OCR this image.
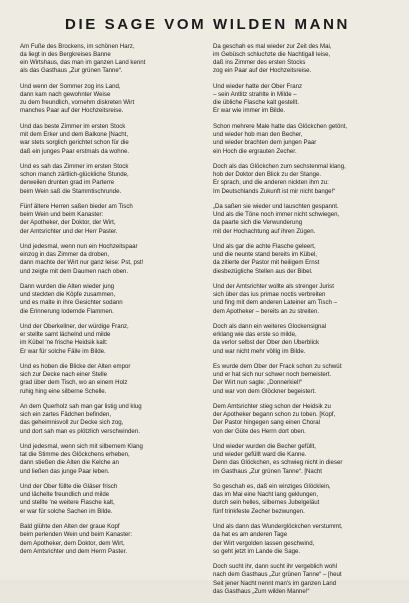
DIE SAGE VOM WILDEN MANN
Am Fuße des Brockens, im schönen Harz,
da liegt in des Bergkreises Banne
ein Wirtshaus, das man im ganzen Land kennt
als das Gasthaus „Zur grünen Tanne“.
Und wenn der Sommer zog ins Land,
dann kam nach gewohnter Weise
zu dem freundlich, vornehm diskreten Wirt
manches Paar auf der Hochzeitsreise.
Und das beste Zimmer im ersten Stock
mit dem Erker und dem Balkone [Nacht,
war stets sorglich gerichtet schon für die
daß ein junges Paar erstmals da wohne.
Und es sah das Zimmer im ersten Stock
schon manch zärtlich-glückliche Stunde,
derweilen drunten grad im Parterre
beim Wein saß die Stammtischrunde.
Fünf ältere Herren saßen bieder am Tisch
beim Wein und beim Kanaster:
der Apotheker, der Doktor, der Wirt,
der Amtsrichter und der Herr Paster.
Und jedesmal, wenn nun ein Hochzeitspaar
einzog in das Zimmer da droben,
dann machte der Wirt nur ganz leise: Pst, pst!
und zeigte mit dem Daumen nach oben.
Dann wurden die Alten wieder jung
und steckten die Köpfe zusammen,
und es malte in ihre Gesichter sodann
die Erinnerung lodernde Flammen.
Und der Oberkellner, der würdige Franz,
er stellte samt lächelnd und milde
im Kübel 'ne frische Heidsik kalt:
Er war für solche Fälle im Bilde.
Und es hoben die Blicke der Alten empor
sich zur Decke nach einer Stelle
grad über dem Tisch, wo an einem Holz
ruhig hing eine silberne Schelle.
An dem Querholz sah man gar listig und klug
sich ein zartes Fädchen befinden,
das geheimnisvoll zur Decke sich zog,
und dort sah man es plötzlich verschwinden.
Und jedesmal, wenn sich mit silbernem Klang
tat die Stimme des Glöckchens erheben,
dann stießen die Alten die Kelche an
und ließen das junge Paar leben.
Und der Ober füllte die Gläser frisch
und lächelte freundlich und milde
und stellte 'ne weitere Flasche kalt,
er war für solche Sachen im Bilde.
Bald glühte den Alten der graue Kopf
beim perlenden Wein und beim Kanaster:
dem Apotheker, dem Doktor, dem Wirt,
dem Amtsrichter und dem Herrn Paster.
Da geschah es mal wieder zur Zeit des Mai,
im Gebüsch schluchzte die Nachtigall leise,
daß ins Zimmer des ersten Stocks
zog ein Paar auf der Hochzeitsreise.
Und wieder hatte der Ober Franz
– sein Antlitz strahlte in Milde –
die übliche Flasche kalt gestellt.
Er war wie immer im Bilde.
Schon mehrere Male hatte das Glöckchen getönt,
und wieder hob man den Becher,
und wieder brachten dem jungen Paar
ein Hoch die ergrauten Zecher.
Doch als das Glöckchen zum sechstenmal klang,
hob der Doktor den Blick zu der Stange.
Er sprach, und die anderen nickten ihm zu:
Im Deutschlands Zukunft ist mir nicht bange!“
„Da saßen sie wieder und lauschten gespannt.
Und als die Töne noch immer nicht schwiegen,
da paarte sich die Verwunderung
mit der Hochachtung auf ihren Zügen.
Und als gar die achte Flasche geleert,
und die neunte stand bereits im Kübel,
da zitierte der Pastor mit heiligem Ernst
diesbezügliche Stellen aus der Bibel.
Und der Amtsrichter wollte als strenger Jurist
sich über das ius primae noctis verbreiten
und fing mit dem anderen Lateiner am Tisch –
dem Apotheker – bereits an zu streiten.
Doch als dann ein weiteres Glockensignal
erklang wie das erste so milde,
da verlor selbst der Ober den Überblick
und war nicht mehr völlig im Bilde.
Es wurde dem Ober der Frack schon zu schwül:
und er hat sich nur schwer noch bemeistert.
Der Wirt nun sagte: „Donnerkiel!“
und war von dem Glöckner begeistert.
Dem Amtsrichter stieg schon der Heidsik zu
der Apotheker begann schon zu toben. [Kopf,
Der Pastor hingegen sang einen Choral
von der Güte des Herrn dort oben.
Und wieder wurden die Becher gefüllt,
und wieder gefüllt ward die Kanne.
Denn das Glöckchen, es schwieg nicht in dieser
im Gasthaus „Zur grünen Tanne“. [Nacht
So geschah es, daß ein winziges Glöcklein,
das im Mai eine Nacht lang geklungen,
durch sein helles, silbernes Jubelgeläut
fünf trinkfeste Zecher bezwungen.
Und als dann das Wunderglöckchen verstummt,
da hat es am anderen Tage
der Wirt vergolden lassen geschwind,
so geht jetzt im Lande die Sage.
Doch sucht ihr, dann sucht ihr vergeblich wohl
nach dem Gasthaus „Zur grünen Tanne“ – [heut
Seit jener Nacht nennt man's im ganzen Land
das Gasthaus „Zum wilden Manne!“
